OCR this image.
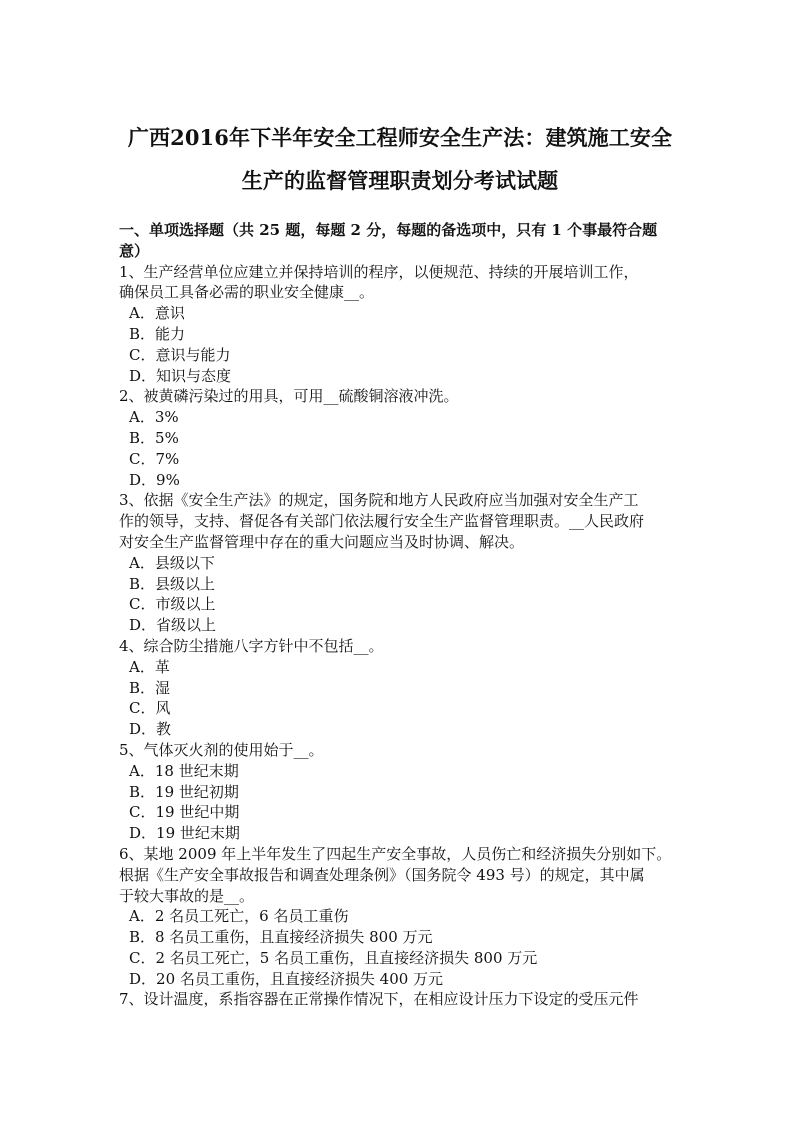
广西2016年下半年安全工程师安全生产法：建筑施工安全
生产的监督管理职责划分考试试题
一、单项选择题（共 25 题，每题 2 分，每题的备选项中，只有 1 个事最符合题
意）
1、生产经营单位应建立并保持培训的程序，以便规范、持续的开展培训工作，
确保员工具备必需的职业安全健康__。
A．意识
B．能力
C．意识与能力
D．知识与态度
2、被黄磷污染过的用具，可用__硫酸铜溶液冲洗。
A．3%
B．5%
C．7%
D．9%
3、依据《安全生产法》的规定，国务院和地方人民政府应当加强对安全生产工
作的领导，支持、督促各有关部门依法履行安全生产监督管理职责。__人民政府
对安全生产监督管理中存在的重大问题应当及时协调、解决。
A．县级以下
B．县级以上
C．市级以上
D．省级以上
4、综合防尘措施八字方针中不包括__。
A．革
B．湿
C．风
D．教
5、气体灭火剂的使用始于__。
A．18 世纪末期
B．19 世纪初期
C．19 世纪中期
D．19 世纪末期
6、某地 2009 年上半年发生了四起生产安全事故，人员伤亡和经济损失分别如下。
根据《生产安全事故报告和调查处理条例》（国务院令 493 号）的规定，其中属
于较大事故的是__。
A．2 名员工死亡，6 名员工重伤
B．8 名员工重伤，且直接经济损失 800 万元
C．2 名员工死亡，5 名员工重伤，且直接经济损失 800 万元
D．20 名员工重伤，且直接经济损失 400 万元
7、设计温度，系指容器在正常操作情况下，在相应设计压力下设定的受压元件
